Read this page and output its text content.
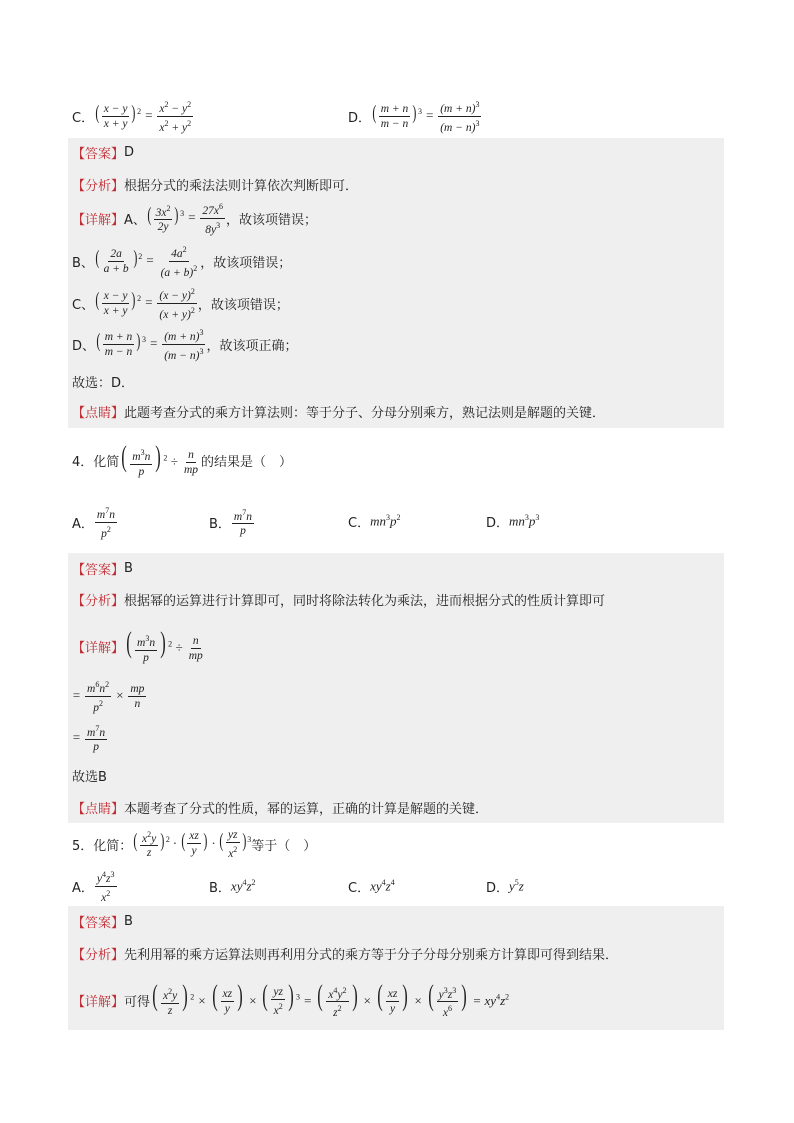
C． ( $\frac{x - y}{x + y} )^2 = \frac{x^2 - y^2}{x^2 + y^2}$	D． ( $\frac{m + n}{m - n} )^3 = \frac{(m + n)^3}{(m - n)^3}$
【答案】 D
【分析】 根据分式的乘法法则计算依次判断即可．
【详解】 A、 ( $\frac{3x^2}{2y} )^3 = \frac{27x^6}{8y^3}$ ，故该项错误；
B、 ( $\frac{2a}{a + b} )^2 = \frac{4a^2}{(a + b)^2}$ ，故该项错误；
C、 ( $\frac{x - y}{x + y} )^2 = \frac{(x - y)^2}{(x + y)^2}$ ，故该项错误；
D、 ( $\frac{m + n}{m - n} )^3 = \frac{(m + n)^3}{(m - n)^3}$ ，故该项正确；
故选：D．
【点睛】 此题考查分式的乘方计算法则：等于分子、分母分别乘方，熟记法则是解题的关键．
4．化简 ( $\frac{m^3n}{p}$ ) $^2 \div \frac{n}{mp}$ 的结果是（　）
A． $\frac{m^7n}{p^2}$	B． $\frac{m^7n}{p}$	C． $mn^3p^2$	D． $mn^3p^3$
【答案】 B
【分析】 根据幂的运算进行计算即可，同时将除法转化为乘法，进而根据分式的性质计算即可
【详解】 ( $\frac{m^3n}{p}$ ) $^2 \div \frac{n}{mp}$
= $\frac{m^6n^2}{p^2} \times \frac{mp}{n}$
= $\frac{m^7n}{p}$
故选B
【点睛】 本题考查了分式的性质，幂的运算，正确的计算是解题的关键．
5．化简： ( $\frac{x^2y}{z} )^2$ · ( $\frac{xz}{y}$ ) · ( $\frac{yz}{x^2} )^3$ 等于（　）
A． $\frac{y^4z^3}{x^2}$	B． $xy^4z^2$	C． $xy^4z^4$	D． $y^5z$
【答案】 B
【分析】 先利用幂的乘方运算法则再利用分式的乘方等于分子分母分别乘方计算即可得到结果．
【详解】 可得 ( $\frac{x^2y}{z}$ ) $^2$ × ( $\frac{xz}{y}$ ) × ( $\frac{yz}{x^2}$ ) $^3$ = ( $\frac{x^4y^2}{z^2}$ ) × ( $\frac{xz}{y}$ ) × ( $\frac{y^3z^3}{x^6}$ ) = $xy^4z^2$
